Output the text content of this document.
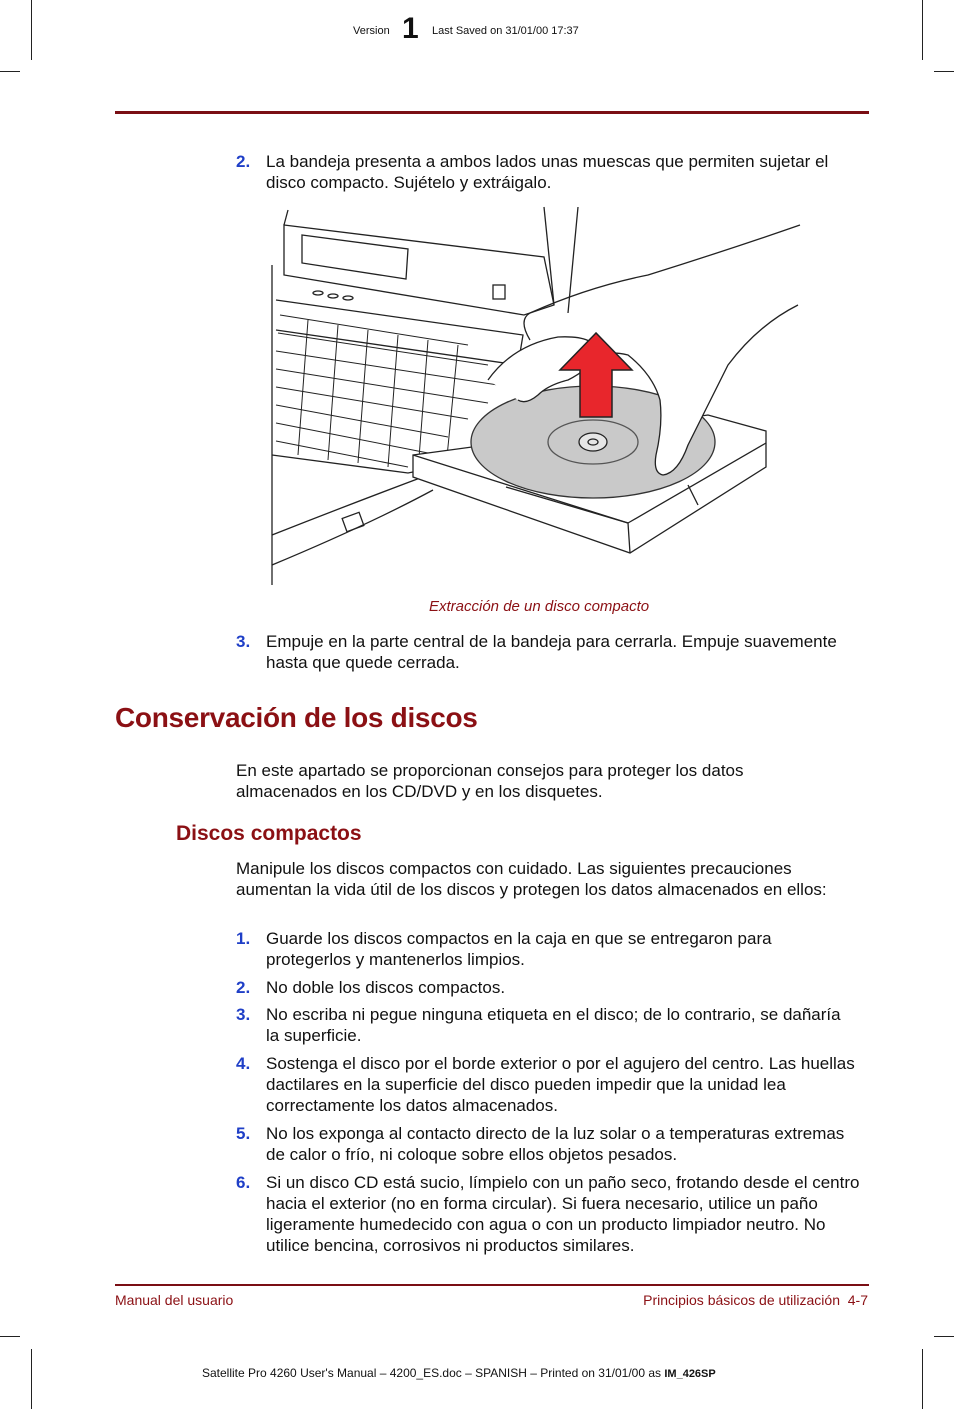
Version 1 Last Saved on 31/01/00 17:37
2. La bandeja presenta a ambos lados unas muescas que permiten sujetar el disco compacto. Sujételo y extráigalo.
Extracción de un disco compacto
3. Empuje en la parte central de la bandeja para cerrarla. Empuje suavemente hasta que quede cerrada.
Conservación de los discos
En este apartado se proporcionan consejos para proteger los datos almacenados en los CD/DVD y en los disquetes.
Discos compactos
Manipule los discos compactos con cuidado. Las siguientes precauciones aumentan la vida útil de los discos y protegen los datos almacenados en ellos:
1. Guarde los discos compactos en la caja en que se entregaron para protegerlos y mantenerlos limpios.
2. No doble los discos compactos.
3. No escriba ni pegue ninguna etiqueta en el disco; de lo contrario, se dañaría la superficie.
4. Sostenga el disco por el borde exterior o por el agujero del centro. Las huellas dactilares en la superficie del disco pueden impedir que la unidad lea correctamente los datos almacenados.
5. No los exponga al contacto directo de la luz solar o a temperaturas extremas de calor o frío, ni coloque sobre ellos objetos pesados.
6. Si un disco CD está sucio, límpielo con un paño seco, frotando desde el centro hacia el exterior (no en forma circular). Si fuera necesario, utilice un paño ligeramente humedecido con agua o con un producto limpiador neutro. No utilice bencina, corrosivos ni productos similares.
Manual del usuario	Principios básicos de utilización  4-7
Satellite Pro 4260 User's Manual – 4200_ES.doc – SPANISH – Printed on 31/01/00 as IM_426SP
